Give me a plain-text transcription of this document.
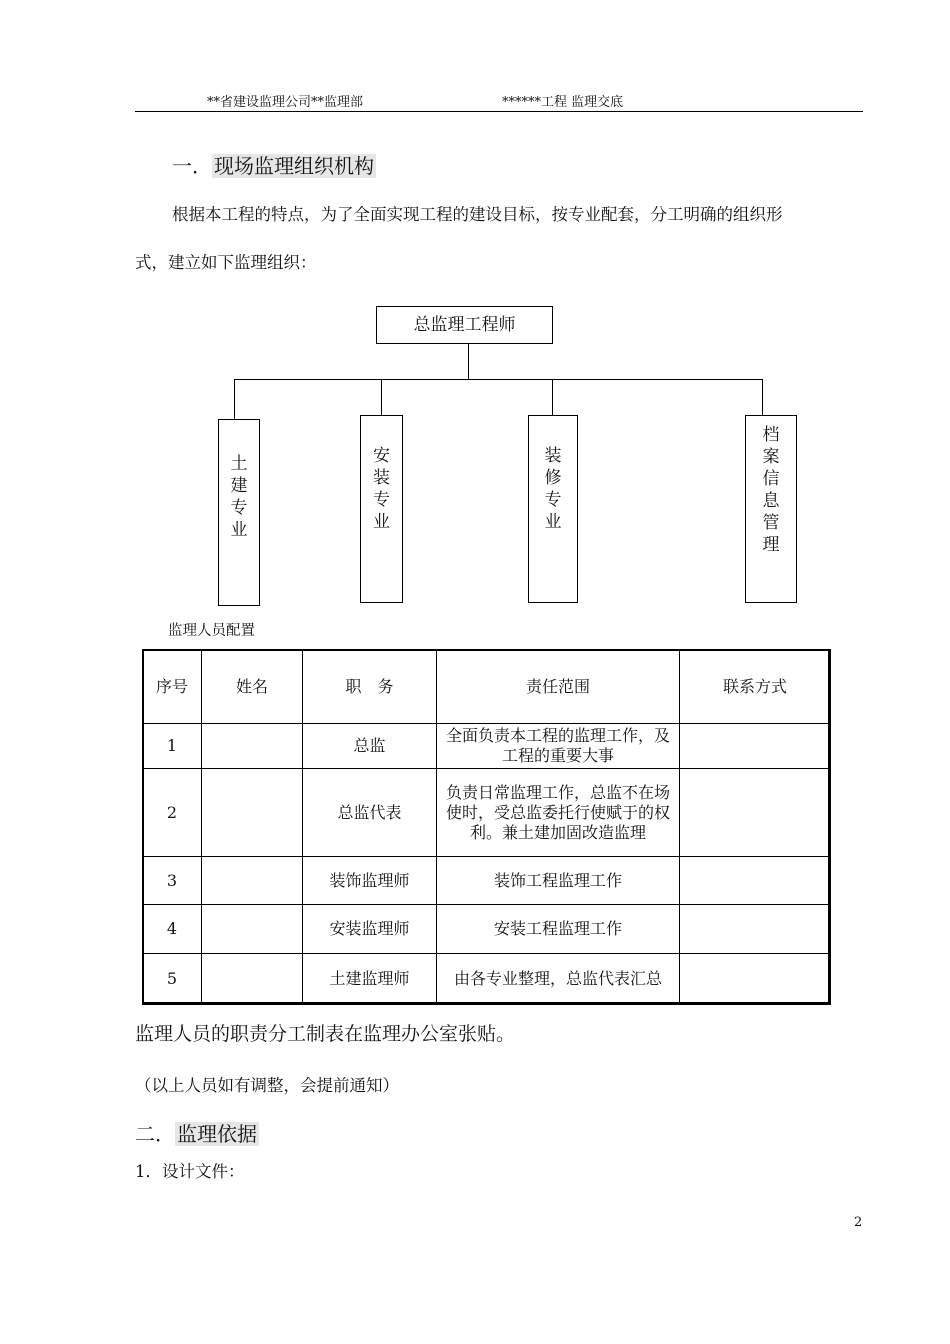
**省建设监理公司**监理部	******工程 监理交底
一． 现场监理组织机构
根据本工程的特点，为了全面实现工程的建设目标，按专业配套，分工明确的组织形
式，建立如下监理组织：
总监理工程师
土
建
专
业
安
装
专
业
装
修
专
业
档
案
信
息
管
理
监理人员配置
序号	姓名	职　务	责任范围	联系方式
1		总监	全面负责本工程的监理工作，及工程的重要大事	
2		总监代表	负责日常监理工作，总监不在场使时，受总监委托行使赋于的权利。兼土建加固改造监理	
3		装饰监理师	装饰工程监理工作	
4		安装监理师	安装工程监理工作	
5		土建监理师	由各专业整理，总监代表汇总	
监理人员的职责分工制表在监理办公室张贴。
（以上人员如有调整，会提前通知）
二． 监理依据
1．设计文件：
2
